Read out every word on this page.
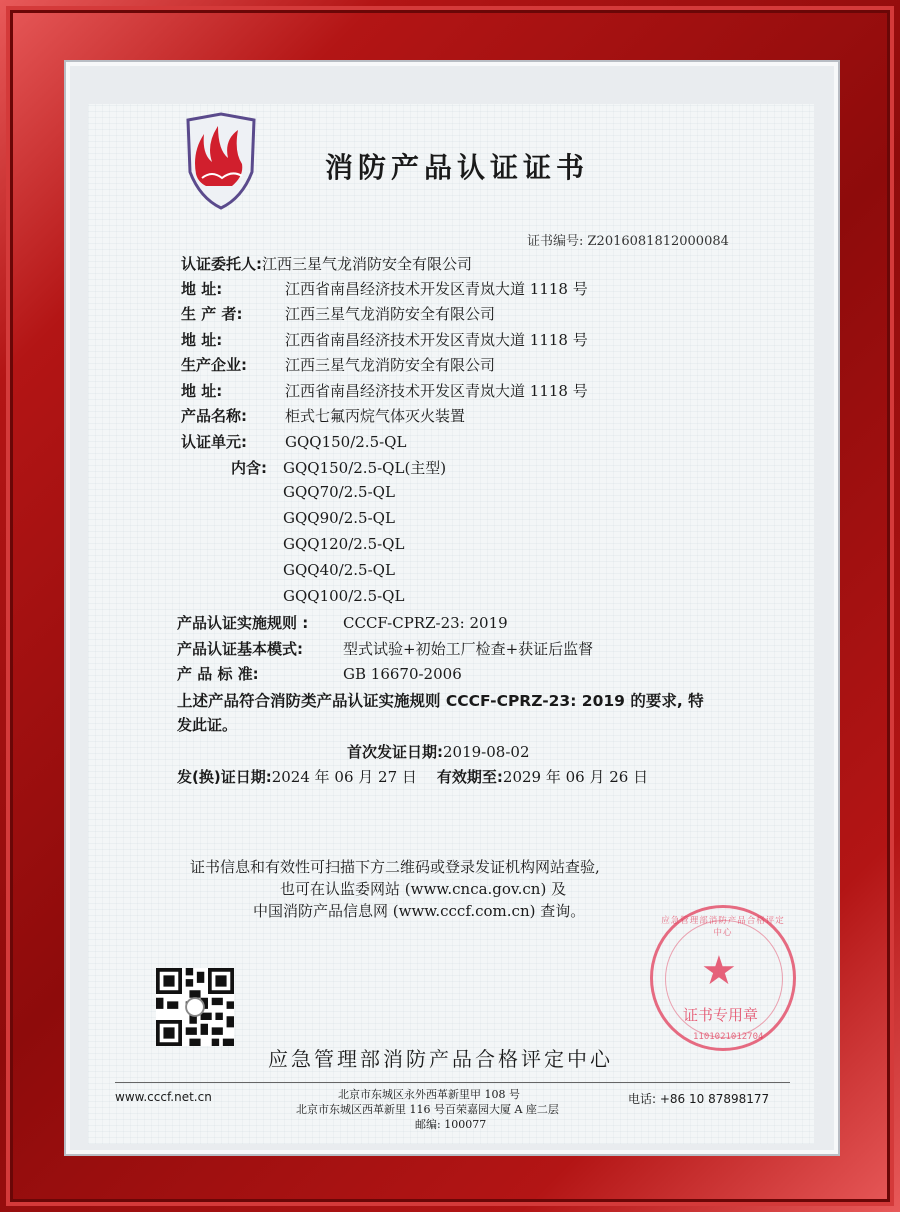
消防产品认证证书
证书编号: Z2016081812000084
认证委托人:江西三星气龙消防安全有限公司
地 址:	江西省南昌经济技术开发区青岚大道 1118 号
生 产 者:	江西三星气龙消防安全有限公司
地 址:	江西省南昌经济技术开发区青岚大道 1118 号
生产企业:	江西三星气龙消防安全有限公司
地 址:	江西省南昌经济技术开发区青岚大道 1118 号
产品名称:	柜式七氟丙烷气体灭火装置
认证单元:	GQQ150/2.5-QL
内含: GQQ150/2.5-QL(主型)
GQQ70/2.5-QL
GQQ90/2.5-QL
GQQ120/2.5-QL
GQQ40/2.5-QL
GQQ100/2.5-QL
产品认证实施规则 : CCCF-CPRZ-23: 2019
产品认证基本模式:	型式试验+初始工厂检查+获证后监督
产 品 标 准:	GB 16670-2006
上述产品符合消防类产品认证实施规则 CCCF-CPRZ-23: 2019 的要求, 特
发此证。
首次发证日期:2019-08-02
发(换)证日期:2024 年 06 月 27 日 有效期至:2029 年 06 月 26 日
证书信息和有效性可扫描下方二维码或登录发证机构网站查验,
也可在认监委网站 (www.cnca.gov.cn) 及
中国消防产品信息网 (www.cccf.com.cn) 查询。
应急管理部消防产品合格评定中心
★
证书专用章
1101021012704
应急管理部消防产品合格评定中心
www.cccf.net.cn	北京市东城区永外西革新里甲 108 号
北京市东城区西革新里 116 号百荣嘉园大厦 A 座二层
邮编: 100077
电话: +86 10 87898177
